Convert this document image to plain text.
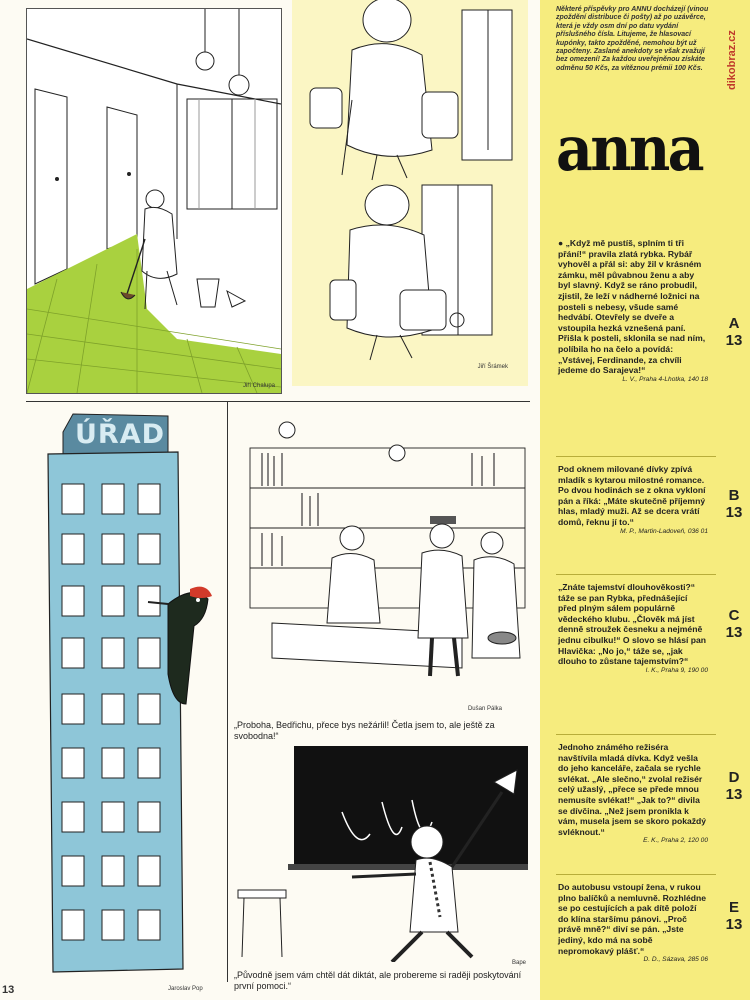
Jiří Chalupa
Jiří Šrámek
ÚŘAD
Jaroslav Pop
Dušan Pálka
„Proboha, Bedřichu, přece bys nežárlil! Četla jsem to, ale ještě za svobodna!“
Bape
„Původně jsem vám chtěl dát diktát, ale probereme si raději poskytování první pomoci.“
13
Některé příspěvky pro ANNU docházejí (vinou zpoždění distribuce či pošty) až po uzávěrce, která je vždy osm dní po datu vydání příslušného čísla. Litujeme, že hlasovací kupónky, takto zpožděné, nemohou být už započteny. Zaslané anekdoty se však zvažují bez omezení! Za každou uveřejněnou získáte odměnu 50 Kčs, za vítěznou prémii 100 Kčs.	dikobraz.cz
anna
● „Když mě pustíš, splním ti tři přání!“ pravila zlatá rybka. Rybář vyhověl a přál si: aby žil v krásném zámku, měl půvabnou ženu a aby byl slavný. Když se ráno probudil, zjistil, že leží v nádherné ložnici na posteli s nebesy, všude samé hedvábí. Otevřely se dveře a vstoupila hezká vznešená paní. Přišla k posteli, sklonila se nad ním, políbila ho na čelo a povídá: „Vstávej, Ferdinande, za chvíli jedeme do Sarajeva!“
L. V., Praha 4-Lhotka, 140 18
A
13
Pod oknem milované dívky zpívá mladík s kytarou milostné romance. Po dvou hodinách se z okna vykloní pán a říká: „Máte skutečně příjemný hlas, mladý muži. Až se dcera vrátí domů, řeknu jí to.“
M. P., Martin-Ladoveň, 036 01
B
13
„Znáte tajemství dlouhověkosti?“ táže se pan Rybka, přednášející před plným sálem populárně vědeckého klubu. „Člověk má jíst denně stroužek česneku a nejméně jednu cibulku!“ O slovo se hlásí pan Hlavička: „No jo,“ táže se, „jak dlouho to zůstane tajemstvím?“
I. K., Praha 9, 190 00
C
13
Jednoho známého režiséra navštívila mladá dívka. Když vešla do jeho kanceláře, začala se rychle svlékat. „Ale slečno,“ zvolal režisér celý užaslý, „přece se přede mnou nemusíte svlékat!“ „Jak to?“ divila se dívčina. „Než jsem pronikla k vám, musela jsem se skoro pokaždý svléknout.“
E. K., Praha 2, 120 00
D
13
Do autobusu vstoupí žena, v rukou plno balíčků a nemluvně. Rozhlédne se po cestujících a pak dítě položí do klína staršímu pánovi. „Proč právě mně?“ diví se pán. „Jste jediný, kdo má na sobě nepromokavý plášť.“
D. D., Sázava, 285 06
E
13
